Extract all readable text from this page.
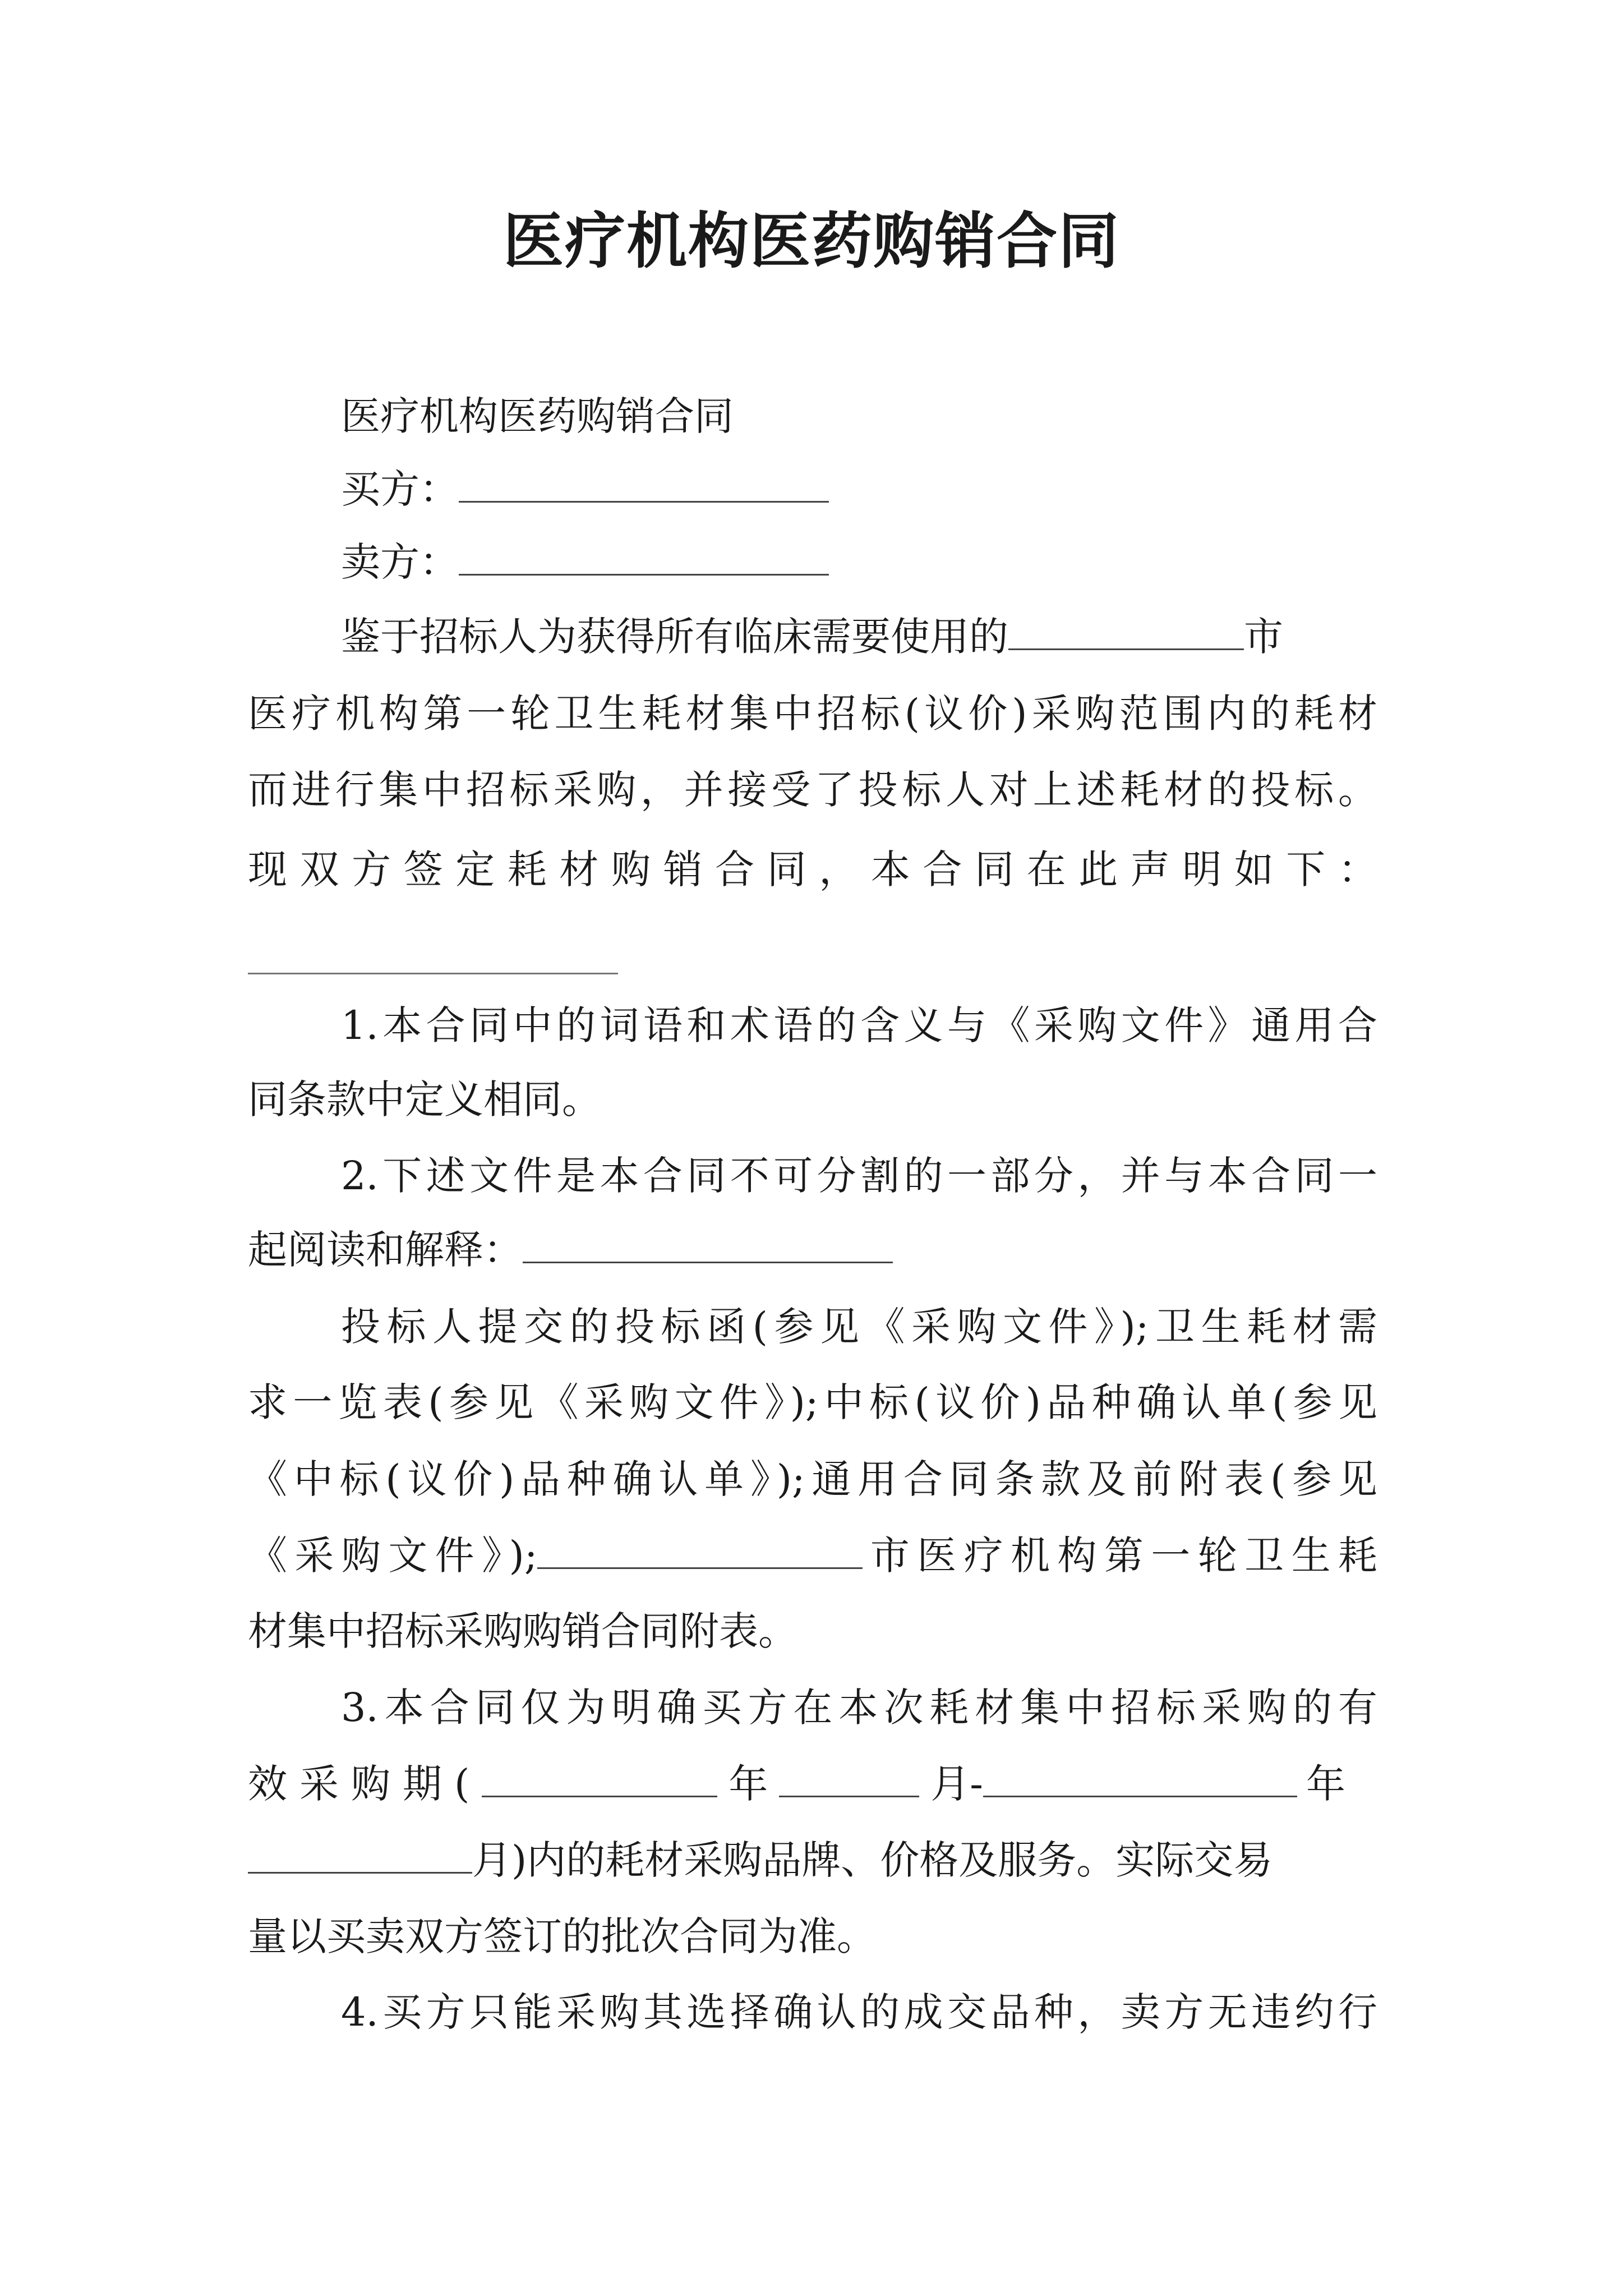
医疗机构医药购销合同
医疗机构医药购销合同
买方：
卖方：
鉴于招标人为获得所有临床需要使用的	市
医疗机构第一轮卫生耗材集中招标(议价)采购范围内的耗材
而进行集中招标采购，并接受了投标人对上述耗材的投标。
现双方签定耗材购销合同，本合同在此声明如下：
1.本合同中的词语和术语的含义与《采购文件》通用合
同条款中定义相同。
2.下述文件是本合同不可分割的一部分，并与本合同一
起阅读和解释：
投标人提交的投标函(参见《采购文件》);卫生耗材需
求一览表(参见《采购文件》);中标(议价)品种确认单(参见
《中标(议价)品种确认单》);通用合同条款及前附表(参见
《采购文件》);	市医疗机构第一轮卫生耗
材集中招标采购购销合同附表。
3.本合同仅为明确买方在本次耗材集中招标采购的有
效采购期(	年	月-	年
月)内的耗材采购品牌、价格及服务。实际交易
量以买卖双方签订的批次合同为准。
4.买方只能采购其选择确认的成交品种，卖方无违约行
